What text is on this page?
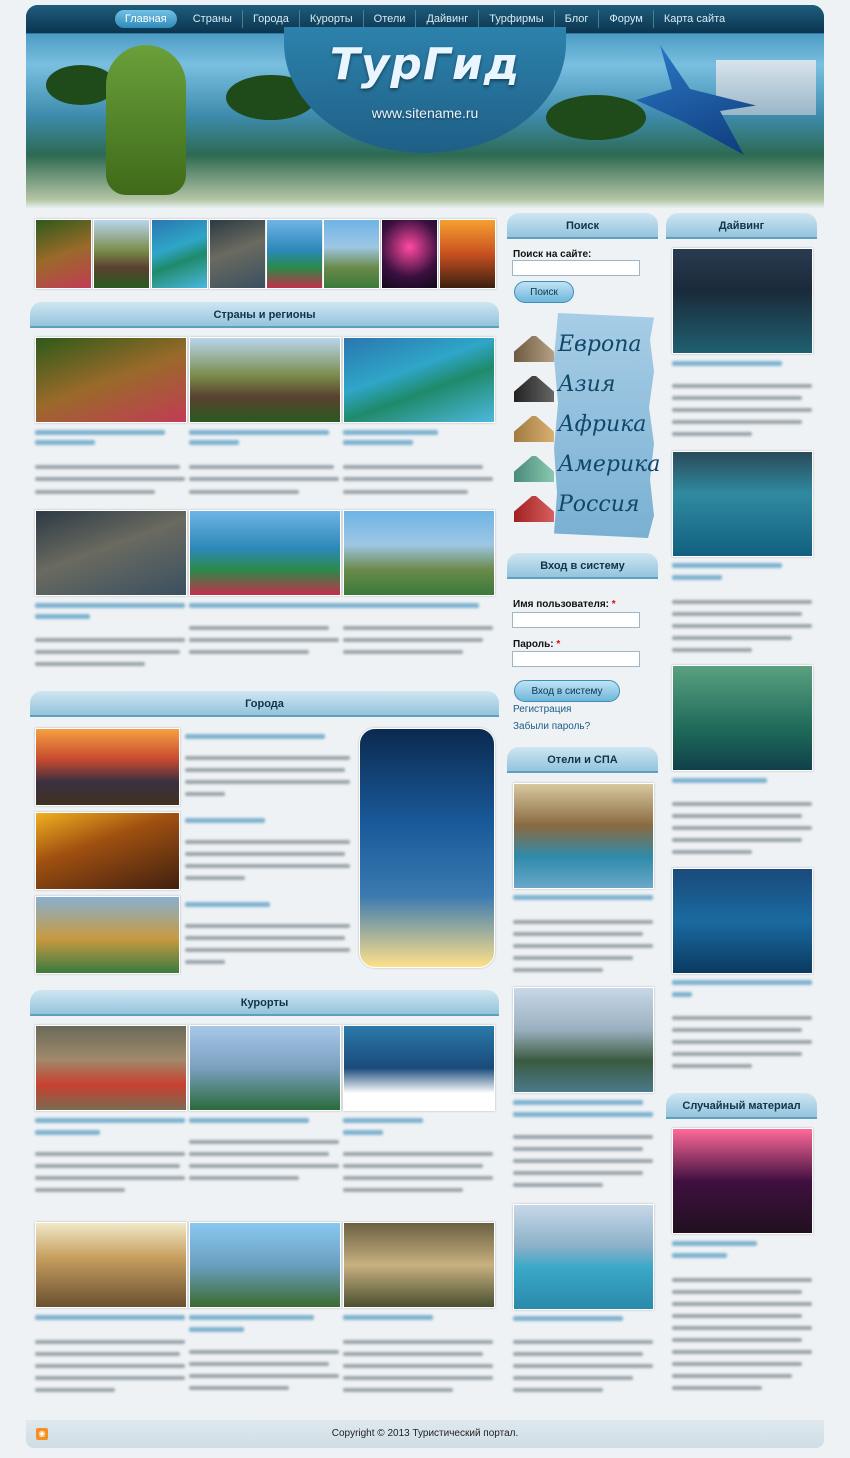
Главная	Страны	Города	Курорты	Отели	Дайвинг	Турфирмы	Блог	Форум	Карта сайта
ТурГид
www.sitename.ru
Страны и регионы
Города
Курорты
Поиск
Поиск на сайте:
Поиск
Европа
Азия
Африка
Америка
Россия
Вход в систему
Имя пользователя: *
Пароль: *
Вход в систему
Регистрация
Забыли пароль?
Отели и СПА
Дайвинг
Случайный материал
◉	Copyright © 2013 Туристический портал.
